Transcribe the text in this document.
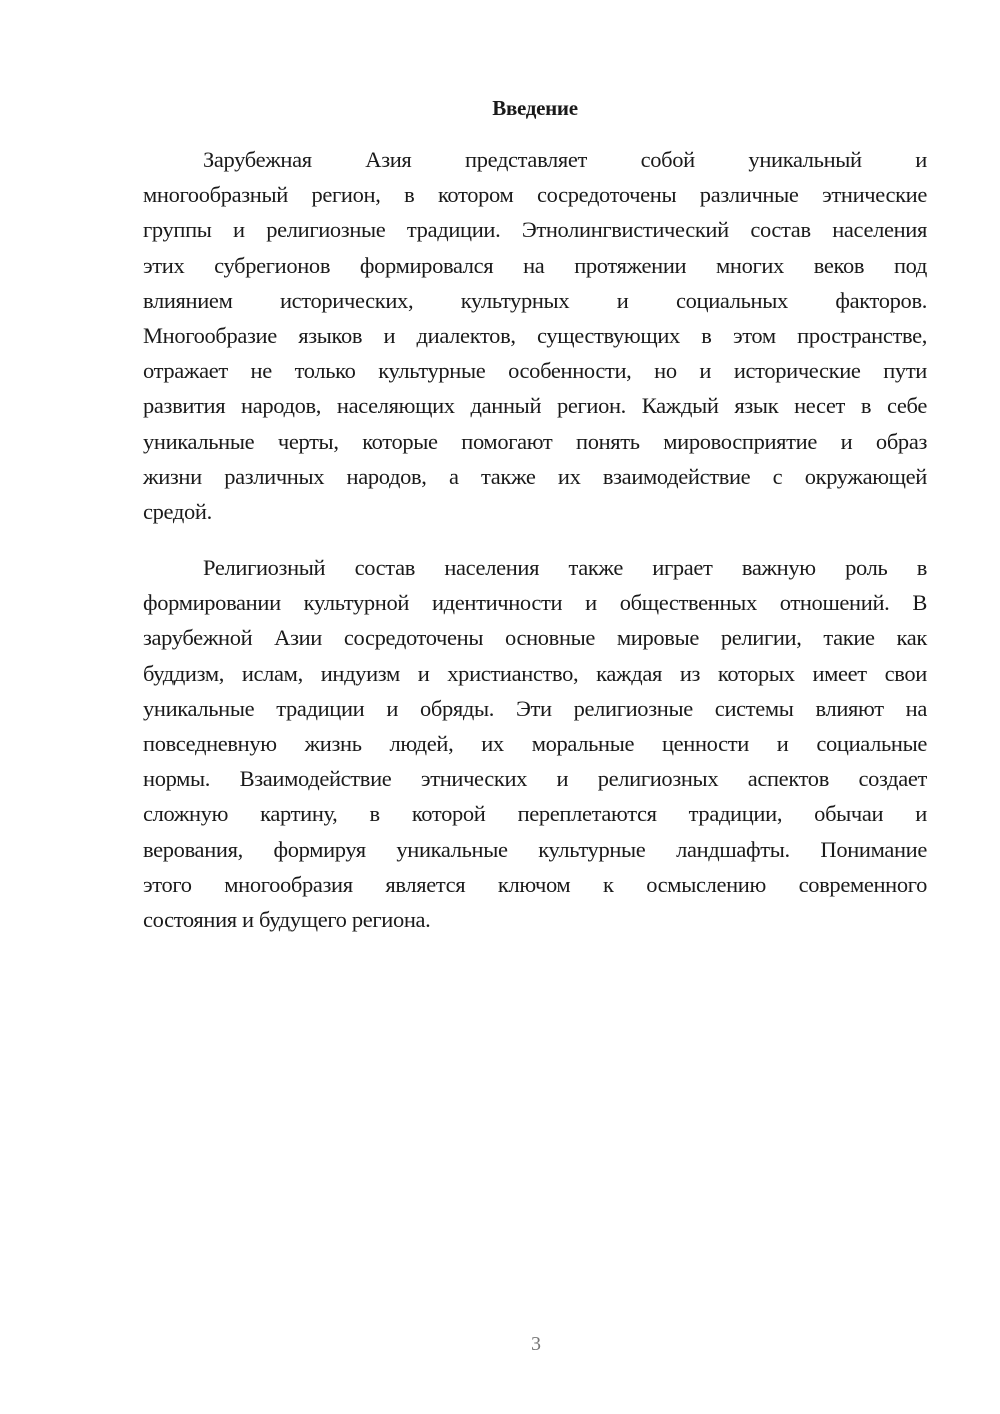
Введение
Зарубежная Азия представляет собой уникальный и
многообразный регион, в котором сосредоточены различные этнические
группы и религиозные традиции. Этнолингвистический состав населения
этих субрегионов формировался на протяжении многих веков под
влиянием исторических, культурных и социальных факторов.
Многообразие языков и диалектов, существующих в этом пространстве,
отражает не только культурные особенности, но и исторические пути
развития народов, населяющих данный регион. Каждый язык несет в себе
уникальные черты, которые помогают понять мировосприятие и образ
жизни различных народов, а также их взаимодействие с окружающей
средой.
Религиозный состав населения также играет важную роль в
формировании культурной идентичности и общественных отношений. В
зарубежной Азии сосредоточены основные мировые религии, такие как
буддизм, ислам, индуизм и христианство, каждая из которых имеет свои
уникальные традиции и обряды. Эти религиозные системы влияют на
повседневную жизнь людей, их моральные ценности и социальные
нормы. Взаимодействие этнических и религиозных аспектов создает
сложную картину, в которой переплетаются традиции, обычаи и
верования, формируя уникальные культурные ландшафты. Понимание
этого многообразия является ключом к осмыслению современного
состояния и будущего региона.
3
